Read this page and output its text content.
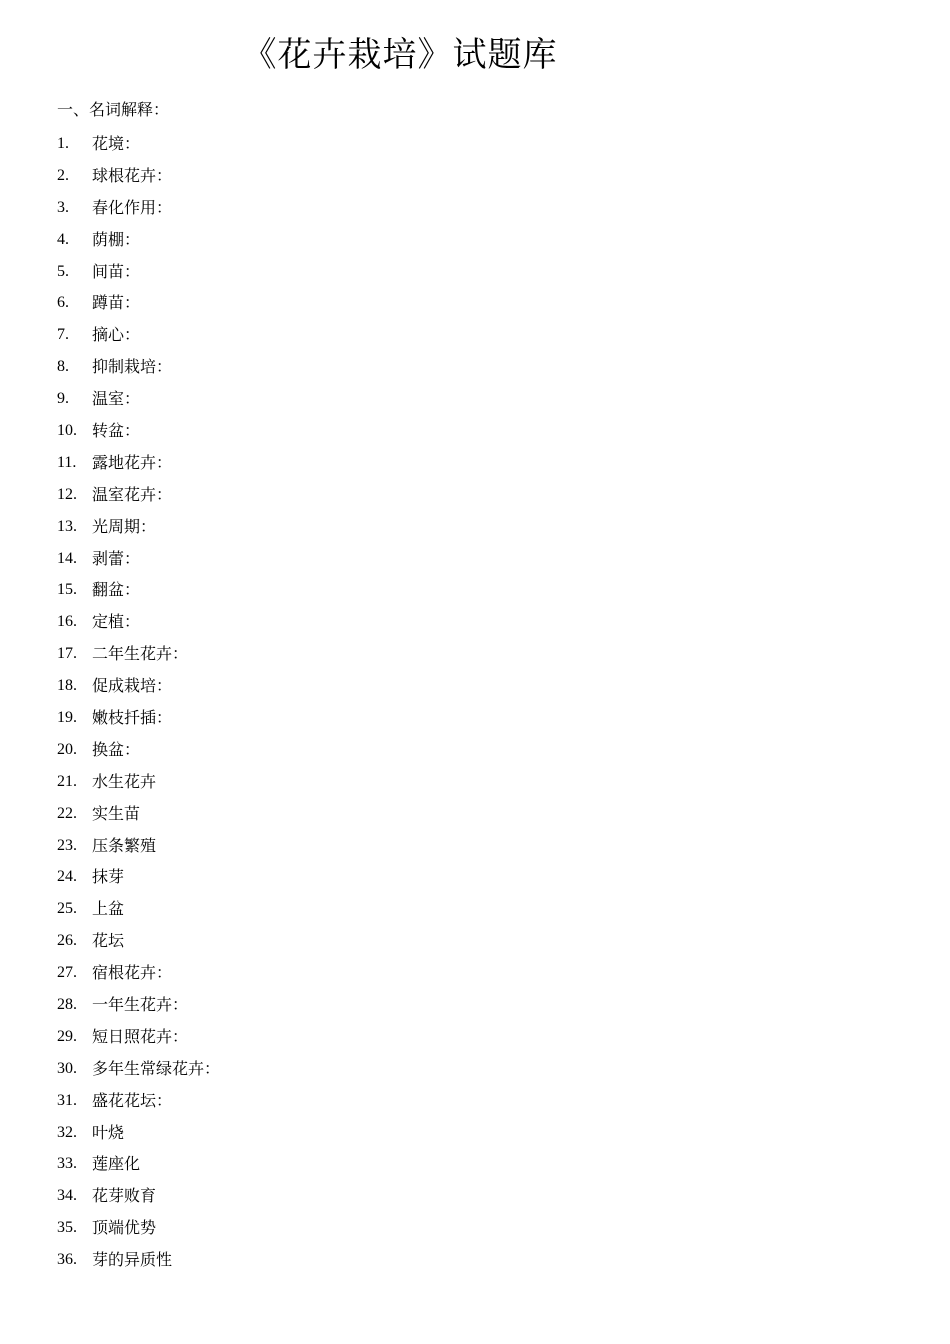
《花卉栽培》试题库
一、名词解释：
1.	花境：
2.	球根花卉：
3.	春化作用：
4.	荫棚：
5.	间苗：
6.	蹲苗：
7.	摘心：
8.	抑制栽培：
9.	温室：
10. 转盆：
11. 露地花卉：
12. 温室花卉：
13. 光周期：
14. 剥蕾：
15. 翻盆：
16. 定植：
17. 二年生花卉：
18. 促成栽培：
19. 嫩枝扦插：
20. 换盆：
21. 水生花卉
22. 实生苗
23. 压条繁殖
24. 抹芽
25. 上盆
26. 花坛
27. 宿根花卉：
28. 一年生花卉：
29. 短日照花卉：
30. 多年生常绿花卉：
31. 盛花花坛：
32. 叶烧
33. 莲座化
34. 花芽败育
35. 顶端优势
36. 芽的异质性
